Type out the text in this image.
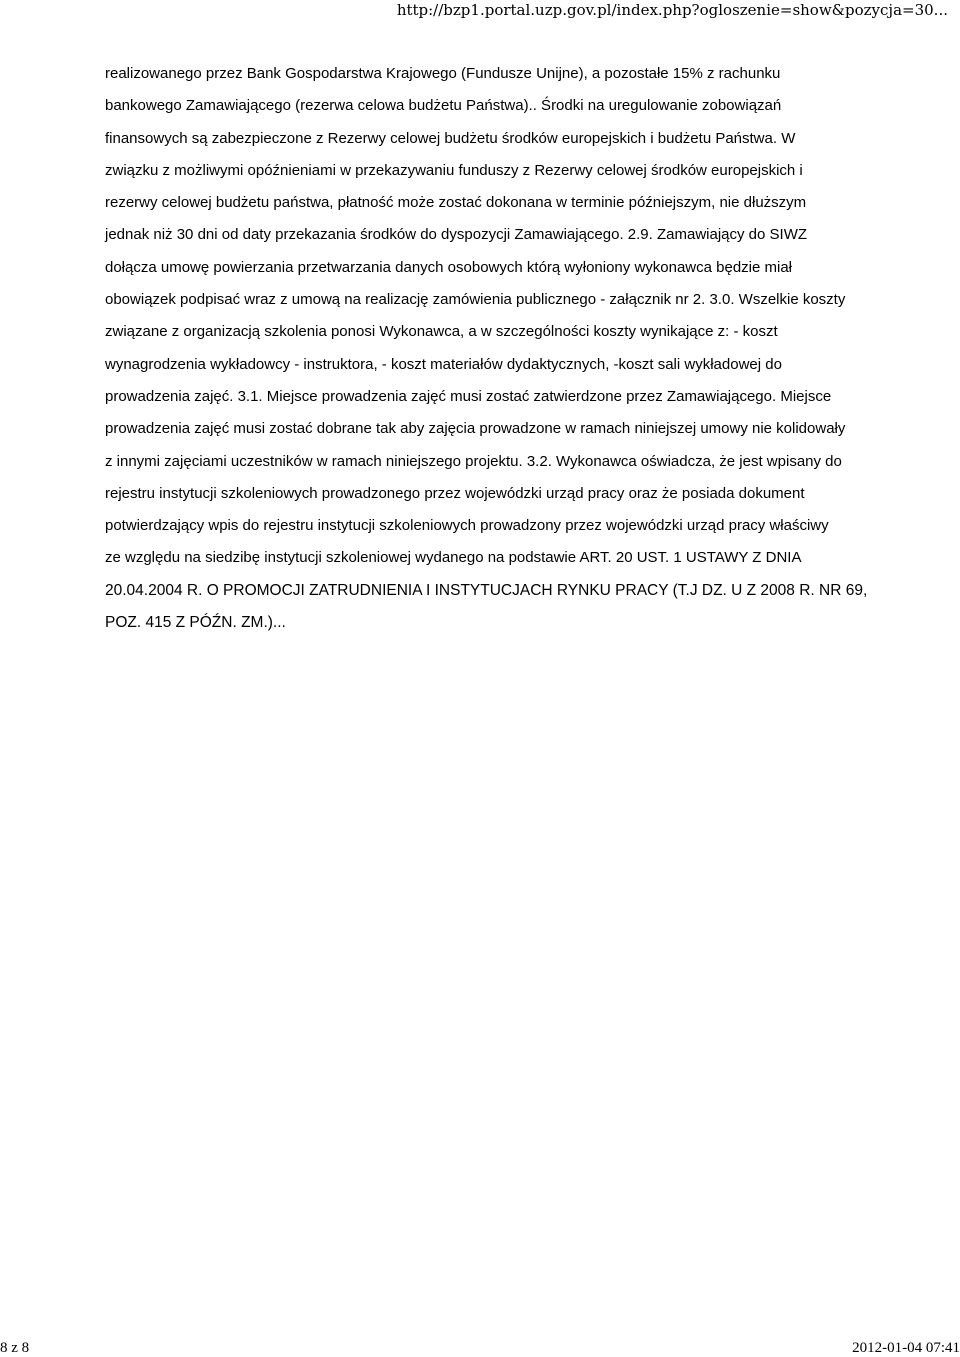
http://bzp1.portal.uzp.gov.pl/index.php?ogloszenie=show&pozycja=30...
realizowanego przez Bank Gospodarstwa Krajowego (Fundusze Unijne), a pozostałe 15% z rachunku
bankowego Zamawiającego (rezerwa celowa budżetu Państwa).. Środki na uregulowanie zobowiązań
finansowych są zabezpieczone z Rezerwy celowej budżetu środków europejskich i budżetu Państwa. W
związku z możliwymi opóźnieniami w przekazywaniu funduszy z Rezerwy celowej środków europejskich i
rezerwy celowej budżetu państwa, płatność może zostać dokonana w terminie późniejszym, nie dłuższym
jednak niż 30 dni od daty przekazania środków do dyspozycji Zamawiającego. 2.9. Zamawiający do SIWZ
dołącza umowę powierzania przetwarzania danych osobowych którą wyłoniony wykonawca będzie miał
obowiązek podpisać wraz z umową na realizację zamówienia publicznego - załącznik nr 2. 3.0. Wszelkie koszty
związane z organizacją szkolenia ponosi Wykonawca, a w szczególności koszty wynikające z: - koszt
wynagrodzenia wykładowcy - instruktora, - koszt materiałów dydaktycznych, -koszt sali wykładowej do
prowadzenia zajęć. 3.1. Miejsce prowadzenia zajęć musi zostać zatwierdzone przez Zamawiającego. Miejsce
prowadzenia zajęć musi zostać dobrane tak aby zajęcia prowadzone w ramach niniejszej umowy nie kolidowały
z innymi zajęciami uczestników w ramach niniejszego projektu. 3.2. Wykonawca oświadcza, że jest wpisany do
rejestru instytucji szkoleniowych prowadzonego przez wojewódzki urząd pracy oraz że posiada dokument
potwierdzający wpis do rejestru instytucji szkoleniowych prowadzony przez wojewódzki urząd pracy właściwy
ze względu na siedzibę instytucji szkoleniowej wydanego na podstawie ART. 20 UST. 1 USTAWY Z DNIA
20.04.2004 R. O PROMOCJI ZATRUDNIENIA I INSTYTUCJACH RYNKU PRACY (T.J DZ. U Z 2008 R. NR 69,
POZ. 415 Z PÓŹN. ZM.)...
8 z 8	2012-01-04 07:41
